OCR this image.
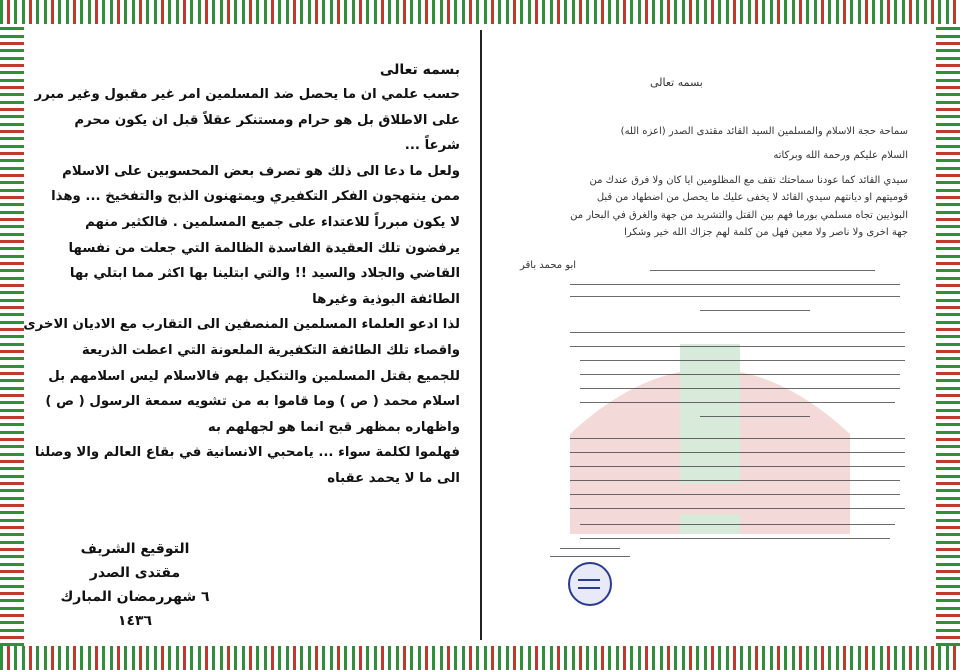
بسمه تعالى

حسب علمي ان ما يحصل ضد المسلمين امر غير مقبول وغير مبرر

على الاطلاق بل هو حرام ومستنكر عقلاً قبل ان يكون محرم

شرعاً ...

ولعل ما دعا الى ذلك هو تصرف بعض المحسوبين على الاسلام

ممن ينتهجون الفكر التكفيري ويمتهنون الذبح والتفخيخ ... وهذا

لا يكون مبرراً للاعتداء على جميع المسلمين . فالكثير منهم

يرفضون تلك العقيدة الفاسدة الظالمة التي جعلت من نفسها

القاضي والجلاد والسيد !! والتي ابتلينا بها اكثر مما ابتلي بها

الطائفة البوذية وغيرها

لذا ادعو العلماء المسلمين المنصفين الى التقارب مع الاديان الاخرى

واقصاء تلك الطائفة التكفيرية الملعونة التي اعطت الذريعة

للجميع بقتل المسلمين والتنكيل بهم فالاسلام ليس اسلامهم بل

اسلام محمد ( ص ) وما قاموا به من تشويه سمعة الرسول ( ص )

واظهاره بمظهر قبح انما هو لجهلهم به

فهلموا لكلمة سواء ... يامحبي الانسانية في بقاع العالم والا وصلنا

الى ما لا يحمد عقباه

التوقيع الشريف
مقتدى الصدر
٦ شهررمضان المبارك ١٤٣٦
بسمه تعالى
سماحة حجة الاسلام والمسلمين السيد القائد مقتدى الصدر (اعزه الله)
السلام عليكم ورحمة الله وبركاته
سيدي القائد كما عودنا سماحتك تقف مع المظلومين ايا كان ولا فرق عندك من
قوميتهم او ديانتهم سيدي القائد لا يخفى عليك ما يحصل من اضطهاد من قبل
البوذيين تجاه مسلمي بورما فهم بين القتل والتشريد من جهة والغرق في البحار من
جهة اخرى ولا ناصر ولا معين فهل من كلمة لهم جزاك الله خير وشكرا
ابو محمد باقر
